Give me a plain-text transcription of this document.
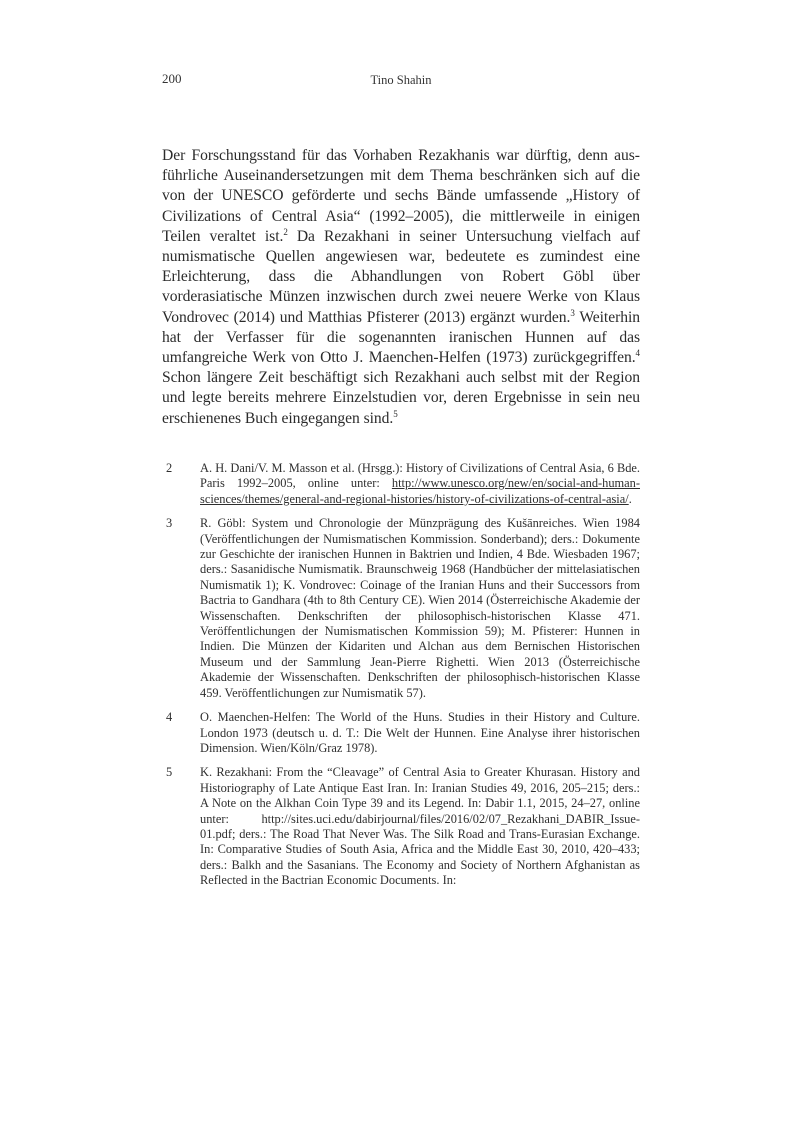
200	Tino Shahin

Der Forschungsstand für das Vorhaben Rezakhanis war dürftig, denn ausführliche Auseinandersetzungen mit dem Thema beschränken sich auf die von der UNESCO geförderte und sechs Bände umfassende „History of Civilizations of Central Asia“ (1992–2005), die mittlerweile in einigen Teilen veraltet ist.$^2$ Da Rezakhani in seiner Untersuchung vielfach auf numismatische Quellen angewiesen war, bedeutete es zumindest eine Erleichterung, dass die Abhandlungen von Robert Göbl über vorderasiatische Münzen inzwischen durch zwei neuere Werke von Klaus Vondrovec (2014) und Matthias Pfisterer (2013) ergänzt wurden.$^3$ Weiterhin hat der Verfasser für die sogenannten iranischen Hunnen auf das umfangreiche Werk von Otto J. Maenchen-Helfen (1973) zurückgegriffen.$^4$ Schon längere Zeit beschäftigt sich Rezakhani auch selbst mit der Region und legte bereits mehrere Einzelstudien vor, deren Ergebnisse in sein neu erschienenes Buch eingegangen sind.$^5$

2 A. H. Dani/V. M. Masson et al. (Hrsgg.): History of Civilizations of Central Asia, 6 Bde. Paris 1992–2005, online unter: http://www.unesco.org/new/en/social-and-human-sciences/themes/general-and-regional-histories/history-of-civilizations-of-central-asia/.
3 R. Göbl: System und Chronologie der Münzprägung des Kušānreiches. Wien 1984 (Veröffentlichungen der Numismatischen Kommission. Sonderband); ders.: Dokumente zur Geschichte der iranischen Hunnen in Baktrien und Indien, 4 Bde. Wiesbaden 1967; ders.: Sasanidische Numismatik. Braunschweig 1968 (Handbücher der mittelasiatischen Numismatik 1); K. Vondrovec: Coinage of the Iranian Huns and their Successors from Bactria to Gandhara (4th to 8th Century CE). Wien 2014 (Österreichische Akademie der Wissenschaften. Denkschriften der philosophisch-historischen Klasse 471. Veröffentlichungen der Numismatischen Kommission 59); M. Pfisterer: Hunnen in Indien. Die Münzen der Kidariten und Alchan aus dem Bernischen Historischen Museum und der Sammlung Jean-Pierre Righetti. Wien 2013 (Österreichische Akademie der Wissenschaften. Denkschriften der philosophisch-historischen Klasse 459. Veröffentlichungen zur Numismatik 57).
4 O. Maenchen-Helfen: The World of the Huns. Studies in their History and Culture. London 1973 (deutsch u. d. T.: Die Welt der Hunnen. Eine Analyse ihrer historischen Dimension. Wien/Köln/Graz 1978).
5 K. Rezakhani: From the “Cleavage” of Central Asia to Greater Khurasan. History and Historiography of Late Antique East Iran. In: Iranian Studies 49, 2016, 205–215; ders.: A Note on the Alkhan Coin Type 39 and its Legend. In: Dabir 1.1, 2015, 24–27, online unter: http://sites.uci.edu/dabirjournal/files/2016/02/07_Rezakhani_​DABIR_Issue-01.pdf; ders.: The Road That Never Was. The Silk Road and Trans-Eurasian Exchange. In: Comparative Studies of South Asia, Africa and the Middle East 30, 2010, 420–433; ders.: Balkh and the Sasanians. The Economy and Society of Northern Afghanistan as Reflected in the Bactrian Economic Documents. In:
